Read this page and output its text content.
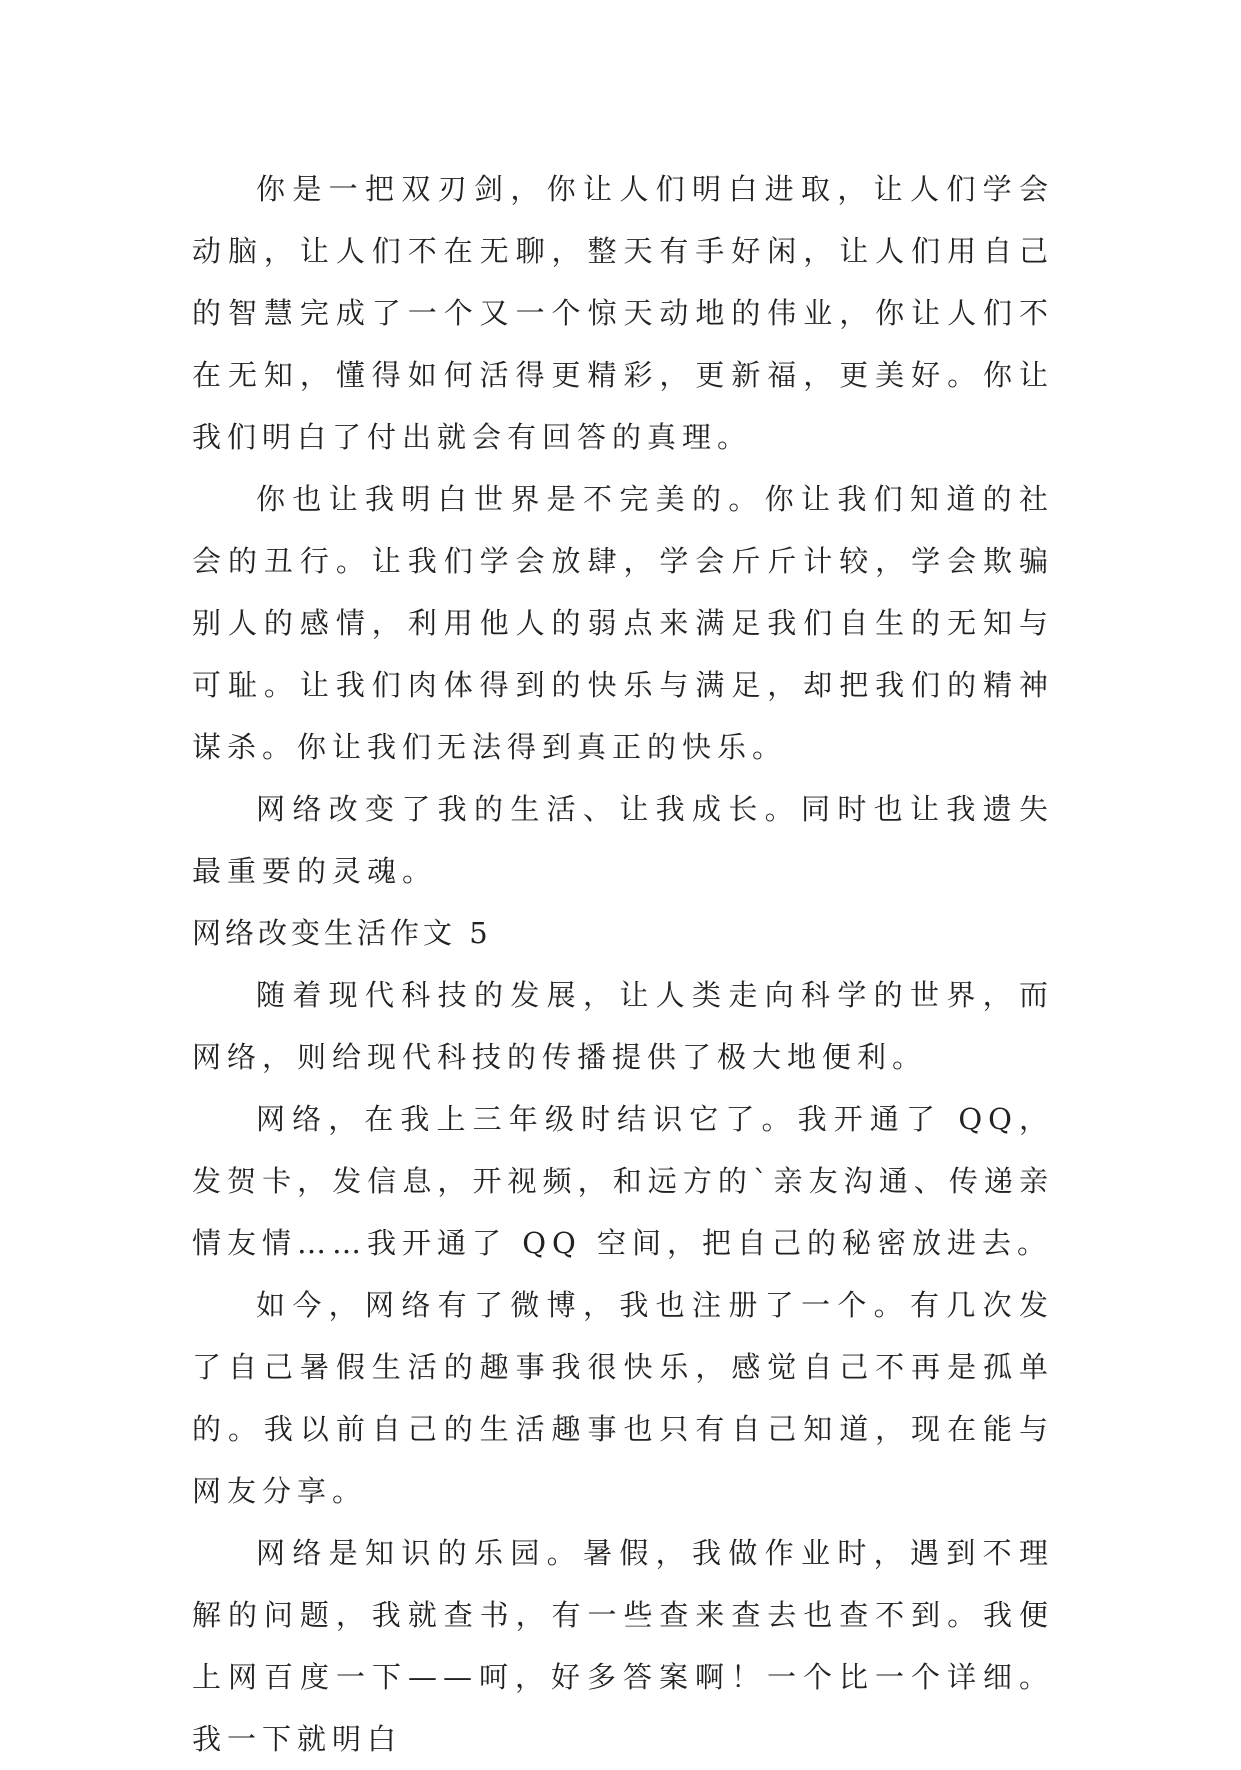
你是一把双刃剑，你让人们明白进取，让人们学会动脑，让人们不在无聊，整天有手好闲，让人们用自己的智慧完成了一个又一个惊天动地的伟业，你让人们不在无知，懂得如何活得更精彩，更新福，更美好。你让我们明白了付出就会有回答的真理。

你也让我明白世界是不完美的。你让我们知道的社会的丑行。让我们学会放肆，学会斤斤计较，学会欺骗别人的感情，利用他人的弱点来满足我们自生的无知与可耻。让我们肉体得到的快乐与满足，却把我们的精神谋杀。你让我们无法得到真正的快乐。

网络改变了我的生活、让我成长。同时也让我遗失最重要的灵魂。

网络改变生活作文 5

随着现代科技的发展，让人类走向科学的世界，而网络，则给现代科技的传播提供了极大地便利。

网络，在我上三年级时结识它了。我开通了 QQ，发贺卡，发信息，开视频，和远方的`亲友沟通、传递亲情友情……我开通了 QQ 空间，把自己的秘密放进去。

如今，网络有了微博，我也注册了一个。有几次发了自己暑假生活的趣事我很快乐，感觉自己不再是孤单的。我以前自己的生活趣事也只有自己知道，现在能与网友分享。

网络是知识的乐园。暑假，我做作业时，遇到不理解的问题，我就查书，有一些查来查去也查不到。我便上网百度一下——呵，好多答案啊！一个比一个详细。我一下就明白
